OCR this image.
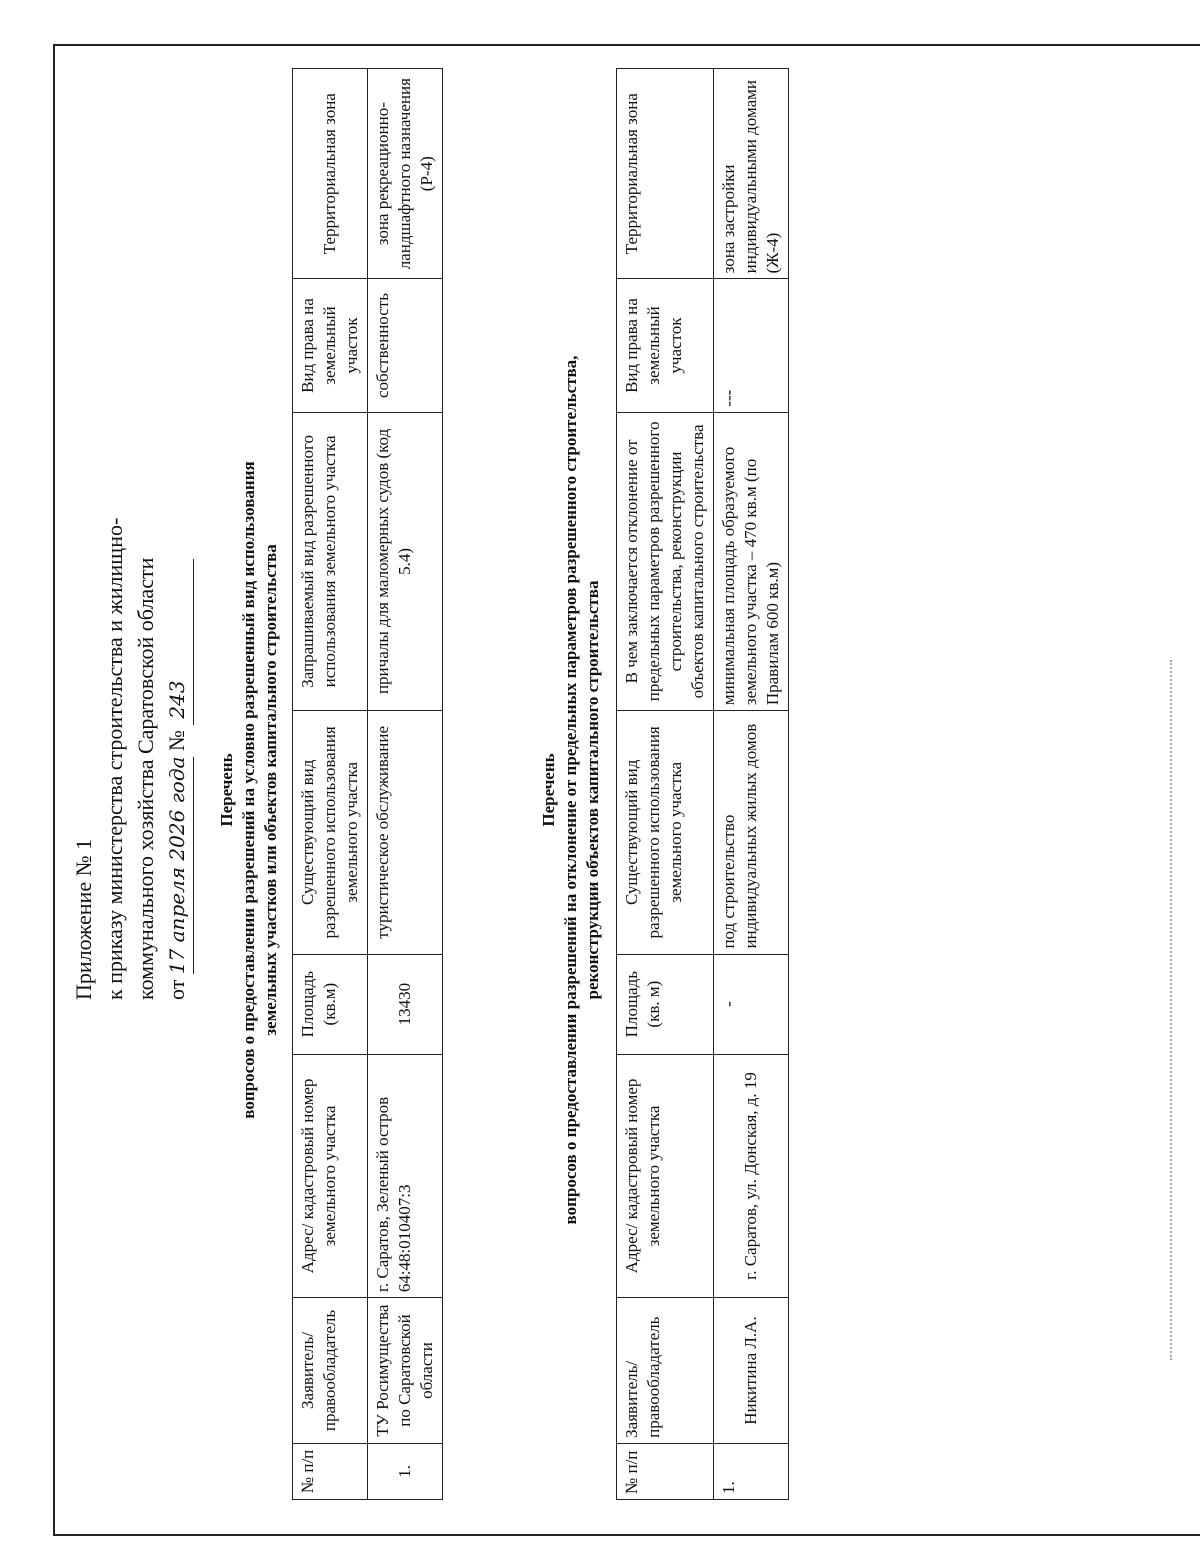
Приложение № 1 к приказу министерства строительства и жилищно- коммунального хозяйства Саратовской области от 17 апреля 2026 года № 243
Перечень вопросов о предоставлении разрешений на условно разрешенный вид использования земельных участков или объектов капитального строительства
№ п/п	Заявитель/ правообладатель	Адрес/ кадастровый номер земельного участка	Площадь (кв.м)	Существующий вид разрешенного использования земельного участка	Запрашиваемый вид разрешенного использования земельного участка	Вид права на земельный участок	Территориальная зона
1.	ТУ Росимущества по Саратовской области	г. Саратов, Зеленый остров 64:48:010407:3	13430	туристическое обслуживание	причалы для маломерных судов (код 5.4)	собственность	зона рекреационно-ландшафтного назначения (Р-4)
Перечень вопросов о предоставлении разрешений на отклонение от предельных параметров разрешенного строительства, реконструкции объектов капитального строительства
№ п/п	Заявитель/ правообладатель	Адрес/ кадастровый номер земельного участка	Площадь (кв. м)	Существующий вид разрешенного использования земельного участка	В чем заключается отклонение от предельных параметров разрешенного строительства, реконструкции объектов капитального строительства	Вид права на земельный участок	Территориальная зона
1.	Никитина Л.А.	г. Саратов, ул. Донская, д. 19	-	под строительство индивидуальных жилых домов	минимальная площадь образуемого земельного участка – 470 кв.м (по Правилам 600 кв.м)	---	зона застройки индивидуальными домами (Ж-4)
